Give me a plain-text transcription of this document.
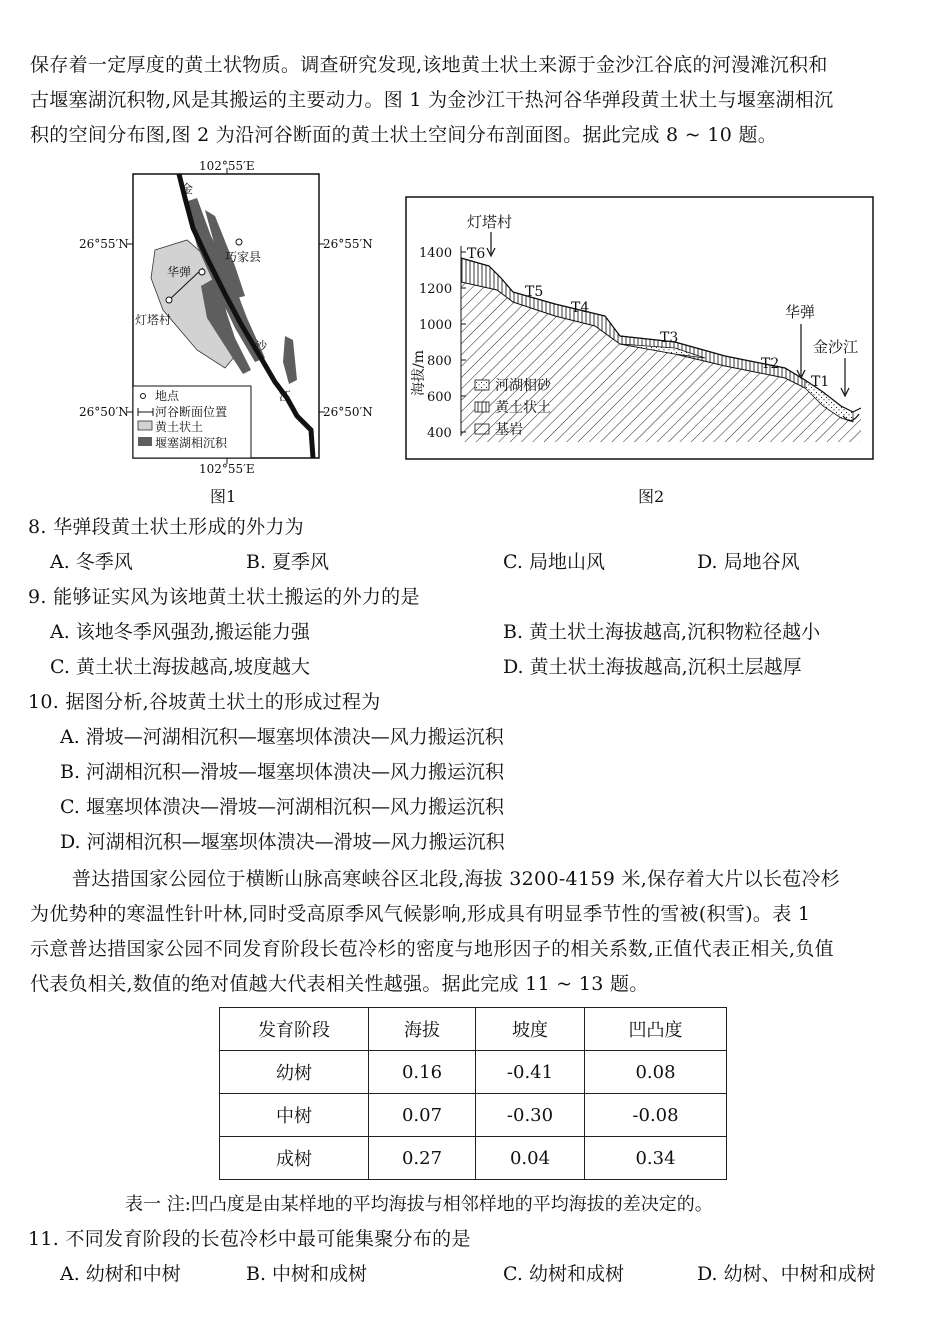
保存着一定厚度的黄土状物质。调查研究发现,该地黄土状土来源于金沙江谷底的河漫滩沉积和
古堰塞湖沉积物,风是其搬运的主要动力。图 1 为金沙江干热河谷华弹段黄土状土与堰塞湖相沉
积的空间分布图,图 2 为沿河谷断面的黄土状土空间分布剖面图。据此完成 8 ~ 10 题。
102°55′E
102°55′E
26°55′N	26°55′N
26°50′N	26°50′N
金
巧家县
华弹
灯塔村
沙
江
地点
河谷断面位置
黄土状土
堰塞湖相沉积
图1
1400
1200
1000
800
600
400
海拔/m
T6
T5
T4
T3
T2
T1
灯塔村
华弹
金沙江
河湖相砂
黄土状土
基岩
图2
8. 华弹段黄土状土形成的外力为
A. 冬季风	B. 夏季风	C. 局地山风	D. 局地谷风
9. 能够证实风为该地黄土状土搬运的外力的是
A. 该地冬季风强劲,搬运能力强	B. 黄土状土海拔越高,沉积物粒径越小
C. 黄土状土海拔越高,坡度越大	D. 黄土状土海拔越高,沉积土层越厚
10. 据图分析,谷坡黄土状土的形成过程为
A. 滑坡—河湖相沉积—堰塞坝体溃决—风力搬运沉积
B. 河湖相沉积—滑坡—堰塞坝体溃决—风力搬运沉积
C. 堰塞坝体溃决—滑坡—河湖相沉积—风力搬运沉积
D. 河湖相沉积—堰塞坝体溃决—滑坡—风力搬运沉积
普达措国家公园位于横断山脉高寒峡谷区北段,海拔 3200-4159 米,保存着大片以长苞冷杉
为优势种的寒温性针叶林,同时受高原季风气候影响,形成具有明显季节性的雪被(积雪)。表 1
示意普达措国家公园不同发育阶段长苞冷杉的密度与地形因子的相关系数,正值代表正相关,负值
代表负相关,数值的绝对值越大代表相关性越强。据此完成 11 ~ 13 题。
发育阶段	海拔	坡度	凹凸度
幼树	0.16	-0.41	0.08
中树	0.07	-0.30	-0.08
成树	0.27	0.04	0.34
表一 注:凹凸度是由某样地的平均海拔与相邻样地的平均海拔的差决定的。
11. 不同发育阶段的长苞冷杉中最可能集聚分布的是
A. 幼树和中树	B. 中树和成树	C. 幼树和成树	D. 幼树、中树和成树
